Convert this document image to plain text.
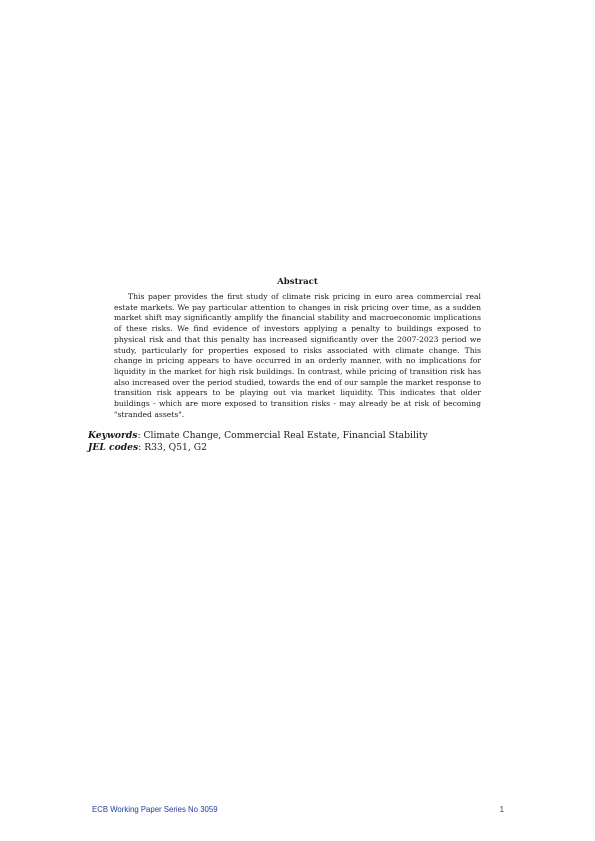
Abstract

This paper provides the first study of climate risk pricing in euro area commercial real estate markets. We pay particular attention to changes in risk pricing over time, as a sudden market shift may significantly amplify the financial stability and macroeconomic implications of these risks. We find evidence of investors applying a penalty to buildings exposed to physical risk and that this penalty has increased significantly over the 2007-2023 period we study, particularly for properties exposed to risks associated with climate change. This change in pricing appears to have occurred in an orderly manner, with no implications for liquidity in the market for high risk buildings. In contrast, while pricing of transition risk has also increased over the period studied, towards the end of our sample the market response to transition risk appears to be playing out via market liquidity. This indicates that older buildings - which are more exposed to transition risks - may already be at risk of becoming "stranded assets".

Keywords: Climate Change, Commercial Real Estate, Financial Stability

JEL codes: R33, Q51, G2

ECB Working Paper Series No 3059	1
